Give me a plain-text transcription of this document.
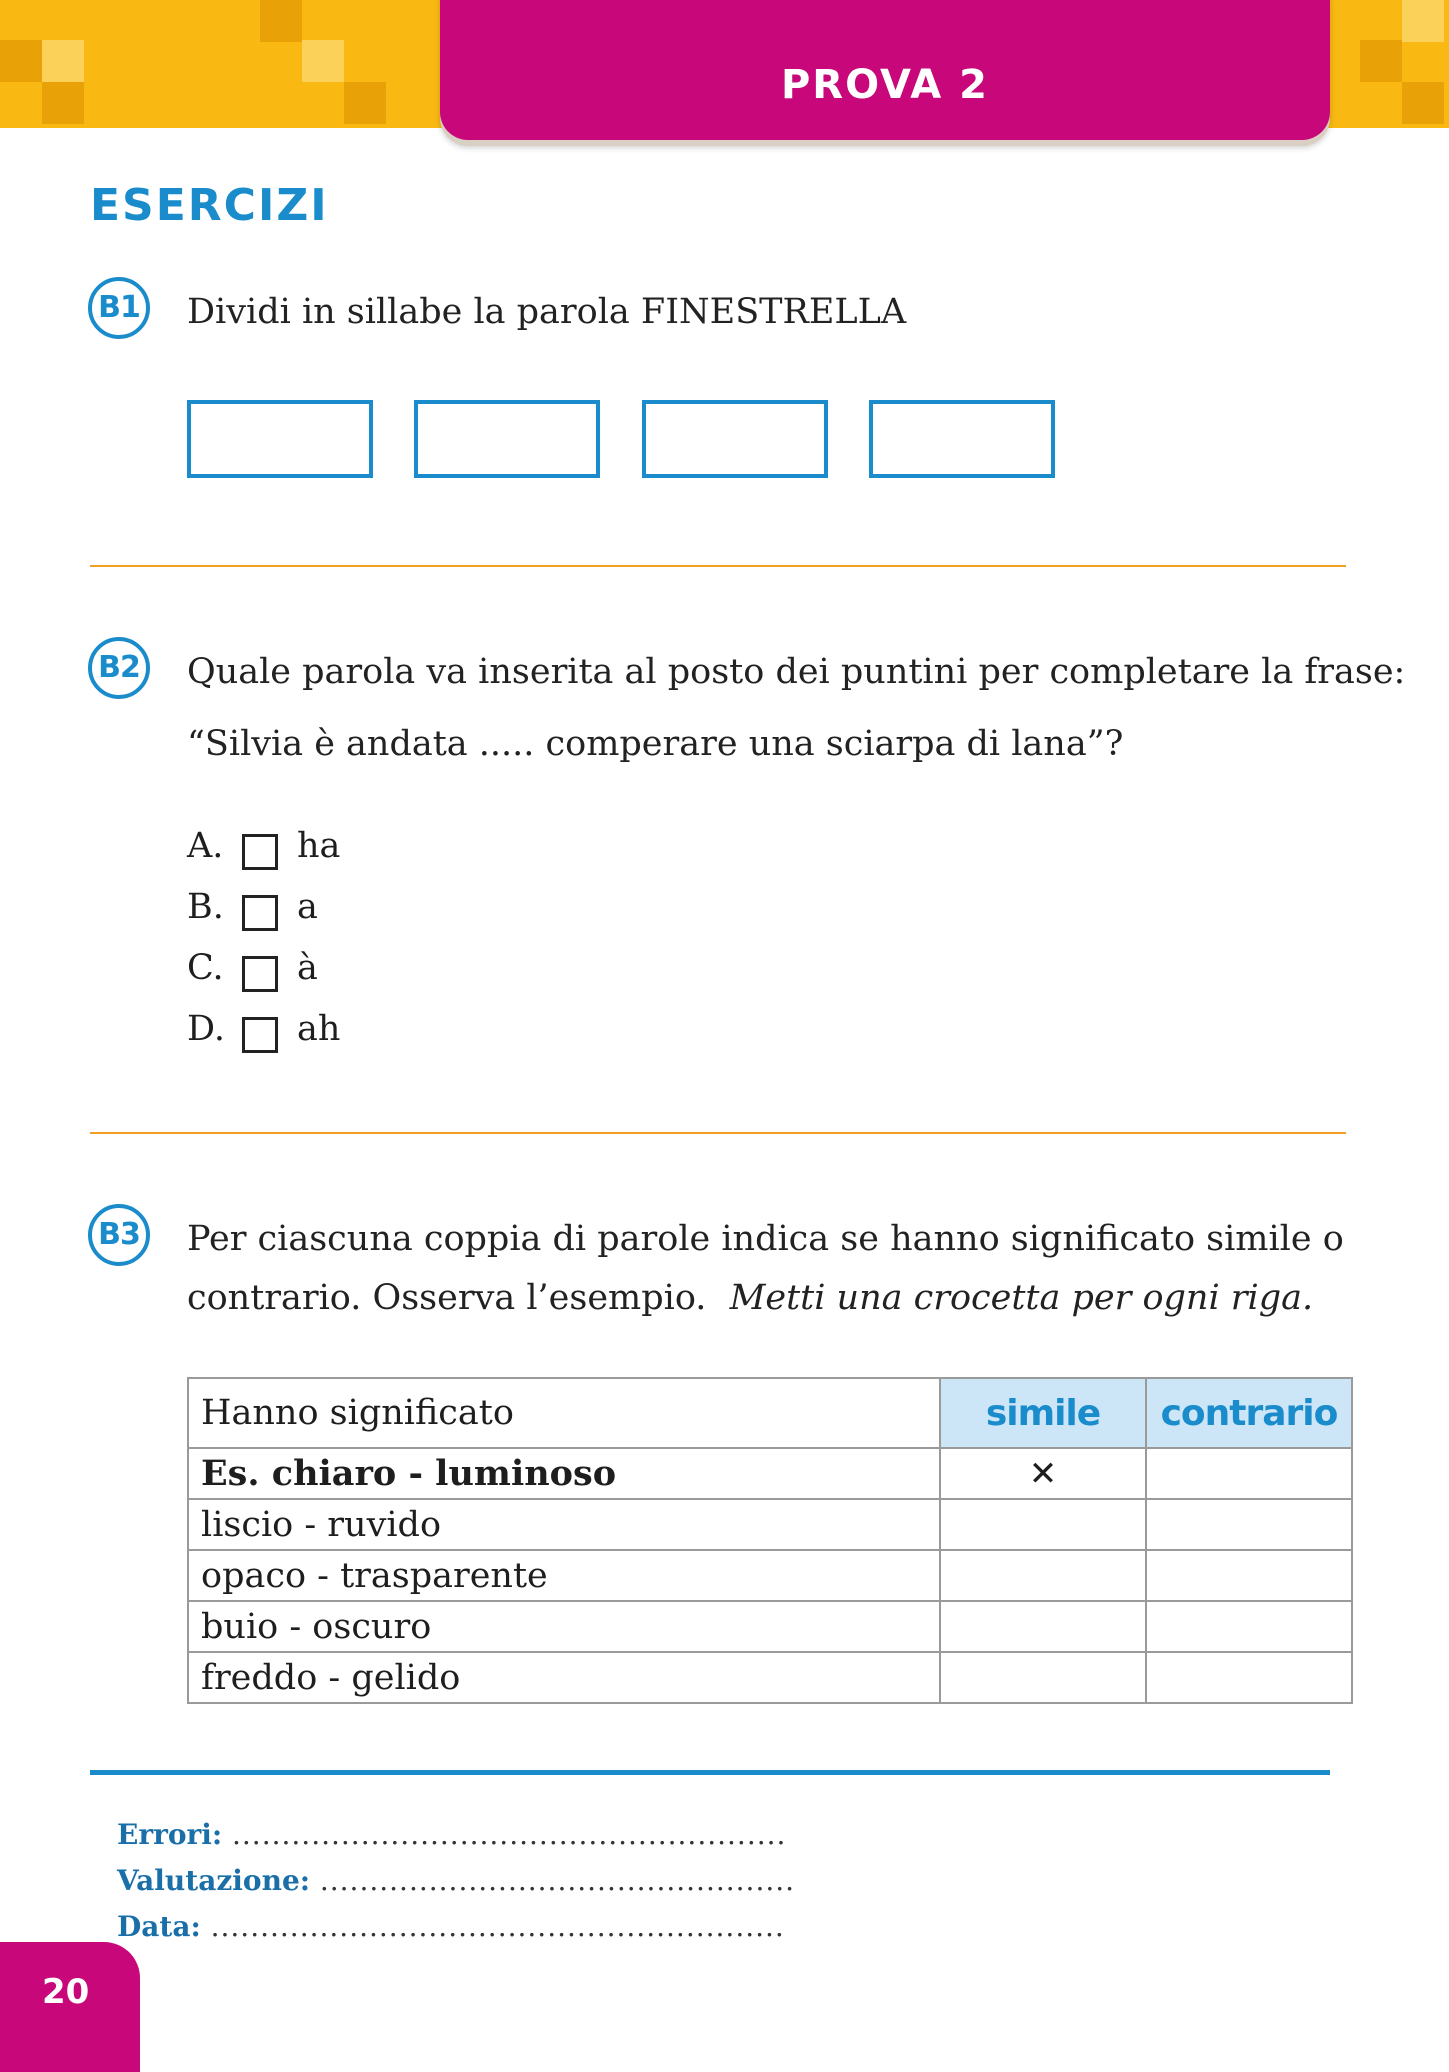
PROVA 2
ESERCIZI
B1 Dividi in sillabe la parola FINESTRELLA
B2 Quale parola va inserita al posto dei puntini per completare la frase:
“Silvia è andata ..... comperare una sciarpa di lana”?
A. ha
B. a
C. à
D. ah
B3 Per ciascuna coppia di parole indica se hanno significato simile o
contrario. Osserva l’esempio. Metti una crocetta per ogni riga.
Hanno significato	simile	contrario
Es. chiaro - luminoso	✕	
liscio - ruvido		
opaco - trasparente		
buio - oscuro		
freddo - gelido		
Errori: ........................................................
Valutazione: ................................................
Data: ..........................................................
20
